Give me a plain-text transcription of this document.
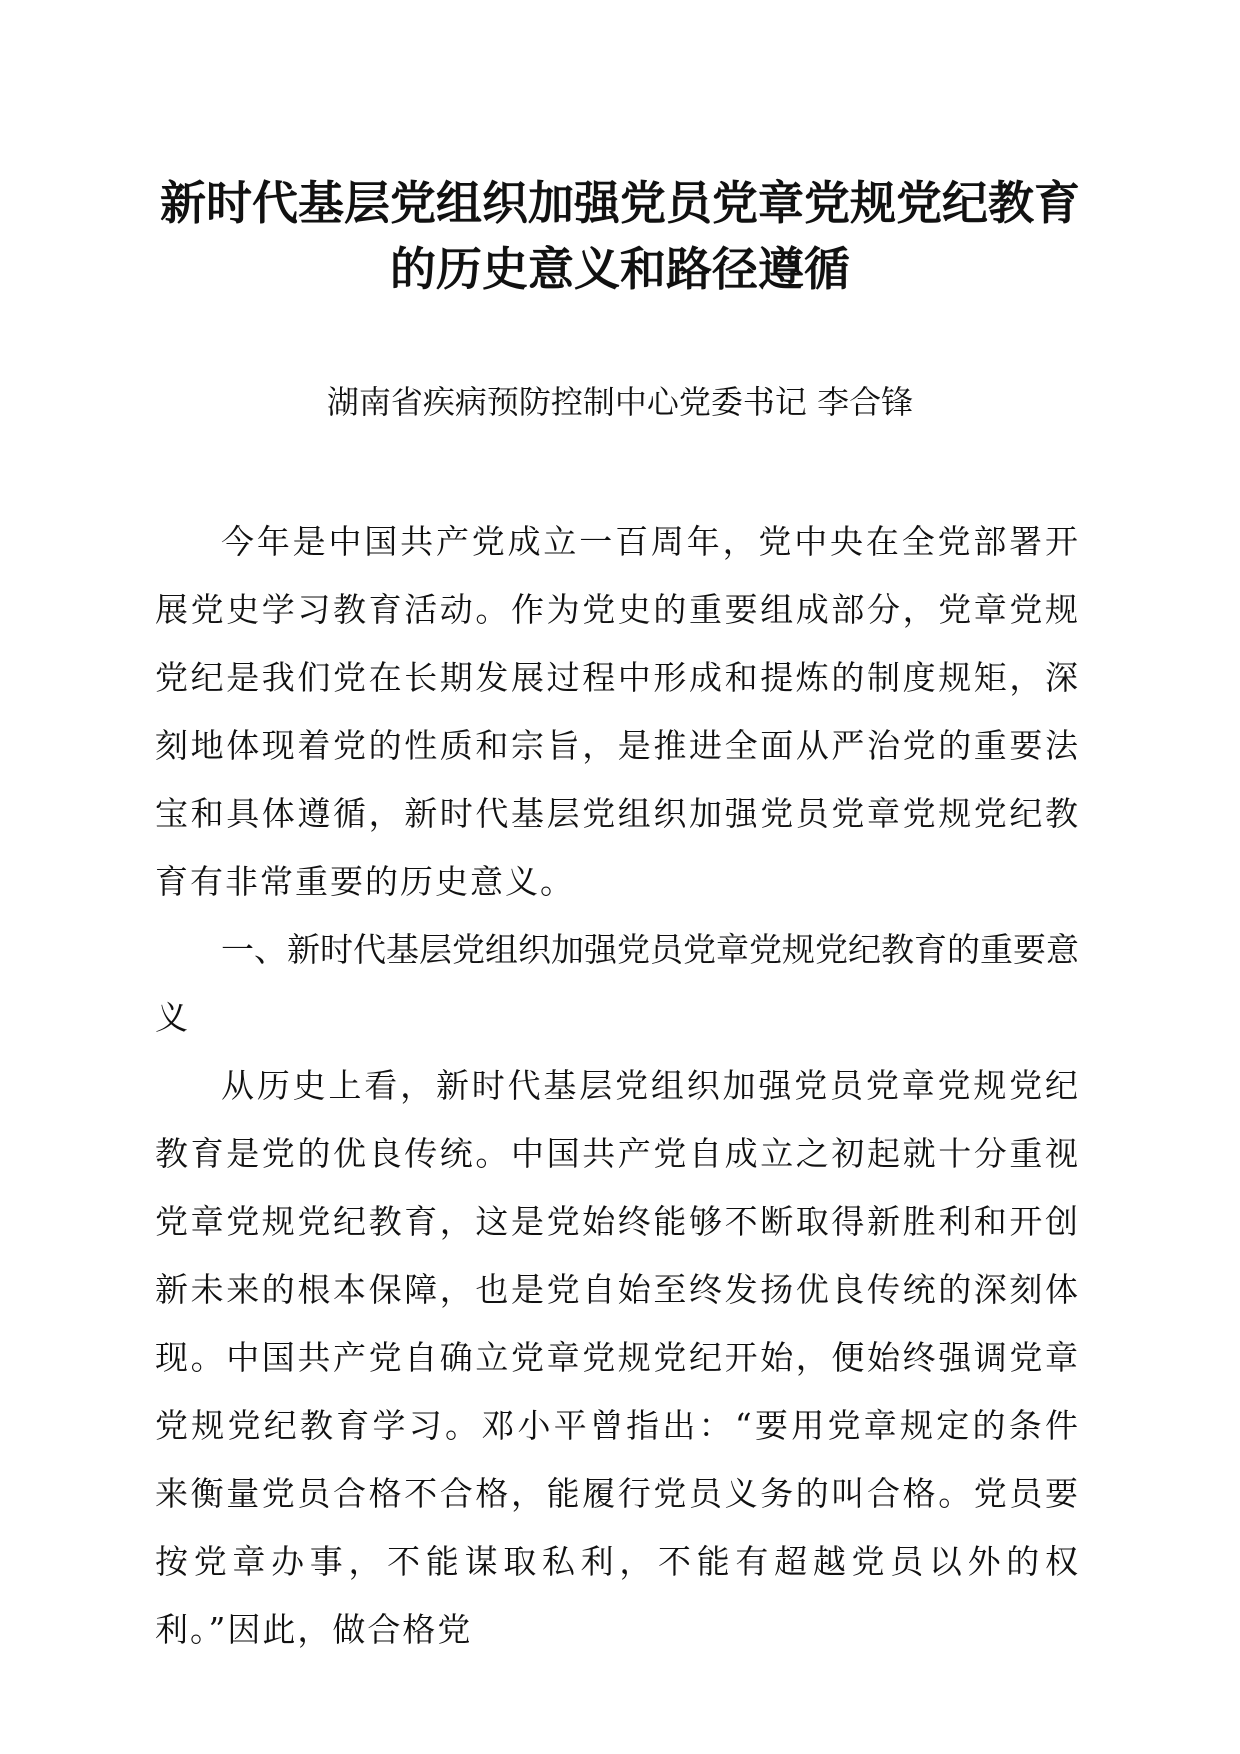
新时代基层党组织加强党员党章党规党纪教育
的历史意义和路径遵循
湖南省疾病预防控制中心党委书记 李合锋

今年是中国共产党成立一百周年，党中央在全党部署开展党史学习教育活动。作为党史的重要组成部分，党章党规党纪是我们党在长期发展过程中形成和提炼的制度规矩，深刻地体现着党的性质和宗旨，是推进全面从严治党的重要法宝和具体遵循，新时代基层党组织加强党员党章党规党纪教育有非常重要的历史意义。

一、新时代基层党组织加强党员党章党规党纪教育的重要意义

从历史上看，新时代基层党组织加强党员党章党规党纪教育是党的优良传统。中国共产党自成立之初起就十分重视党章党规党纪教育，这是党始终能够不断取得新胜利和开创新未来的根本保障，也是党自始至终发扬优良传统的深刻体现。中国共产党自确立党章党规党纪开始，便始终强调党章党规党纪教育学习。邓小平曾指出：“要用党章规定的条件来衡量党员合格不合格，能履行党员义务的叫合格。党员要按党章办事，不能谋取私利，不能有超越党员以外的权利。”因此，做合格党
